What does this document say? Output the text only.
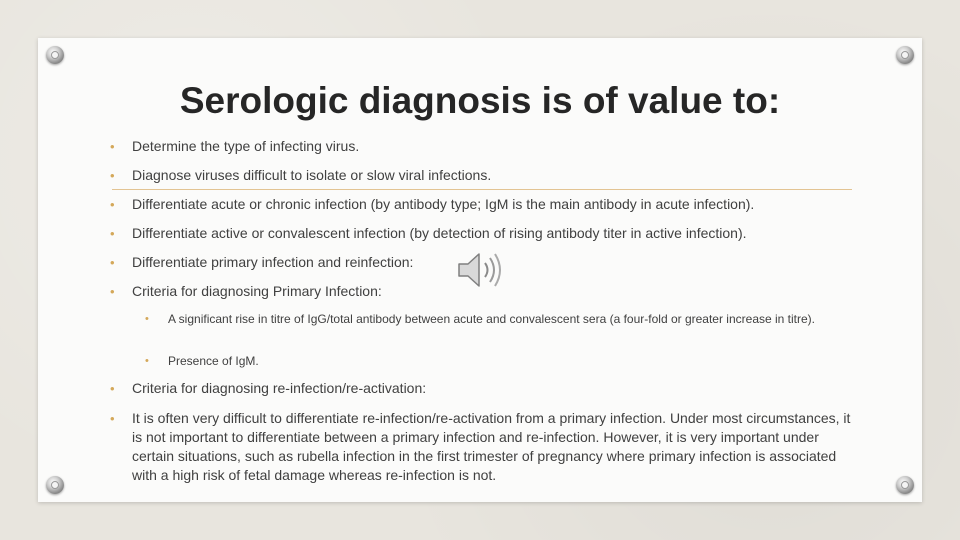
Serologic diagnosis is of value to:
• Determine the type of infecting virus.
• Diagnose viruses difficult to isolate or slow viral infections.
• Differentiate acute or chronic infection (by antibody type; IgM is the main antibody in acute infection).
• Differentiate active or convalescent infection (by detection of rising antibody titer in active infection).
• Differentiate primary infection and reinfection:
• Criteria for diagnosing Primary Infection:
• A significant rise in titre of IgG/total antibody between acute and convalescent sera (a four-fold or greater increase in titre).
• Presence of IgM.
• Criteria for diagnosing re-infection/re-activation:
• It is often very difficult to differentiate re-infection/re-activation from a primary infection. Under most circumstances, it is not important to differentiate between a primary infection and re-infection. However, it is very important under certain situations, such as rubella infection in the first trimester of pregnancy where primary infection is associated with a high risk of fetal damage whereas re-infection is not.
